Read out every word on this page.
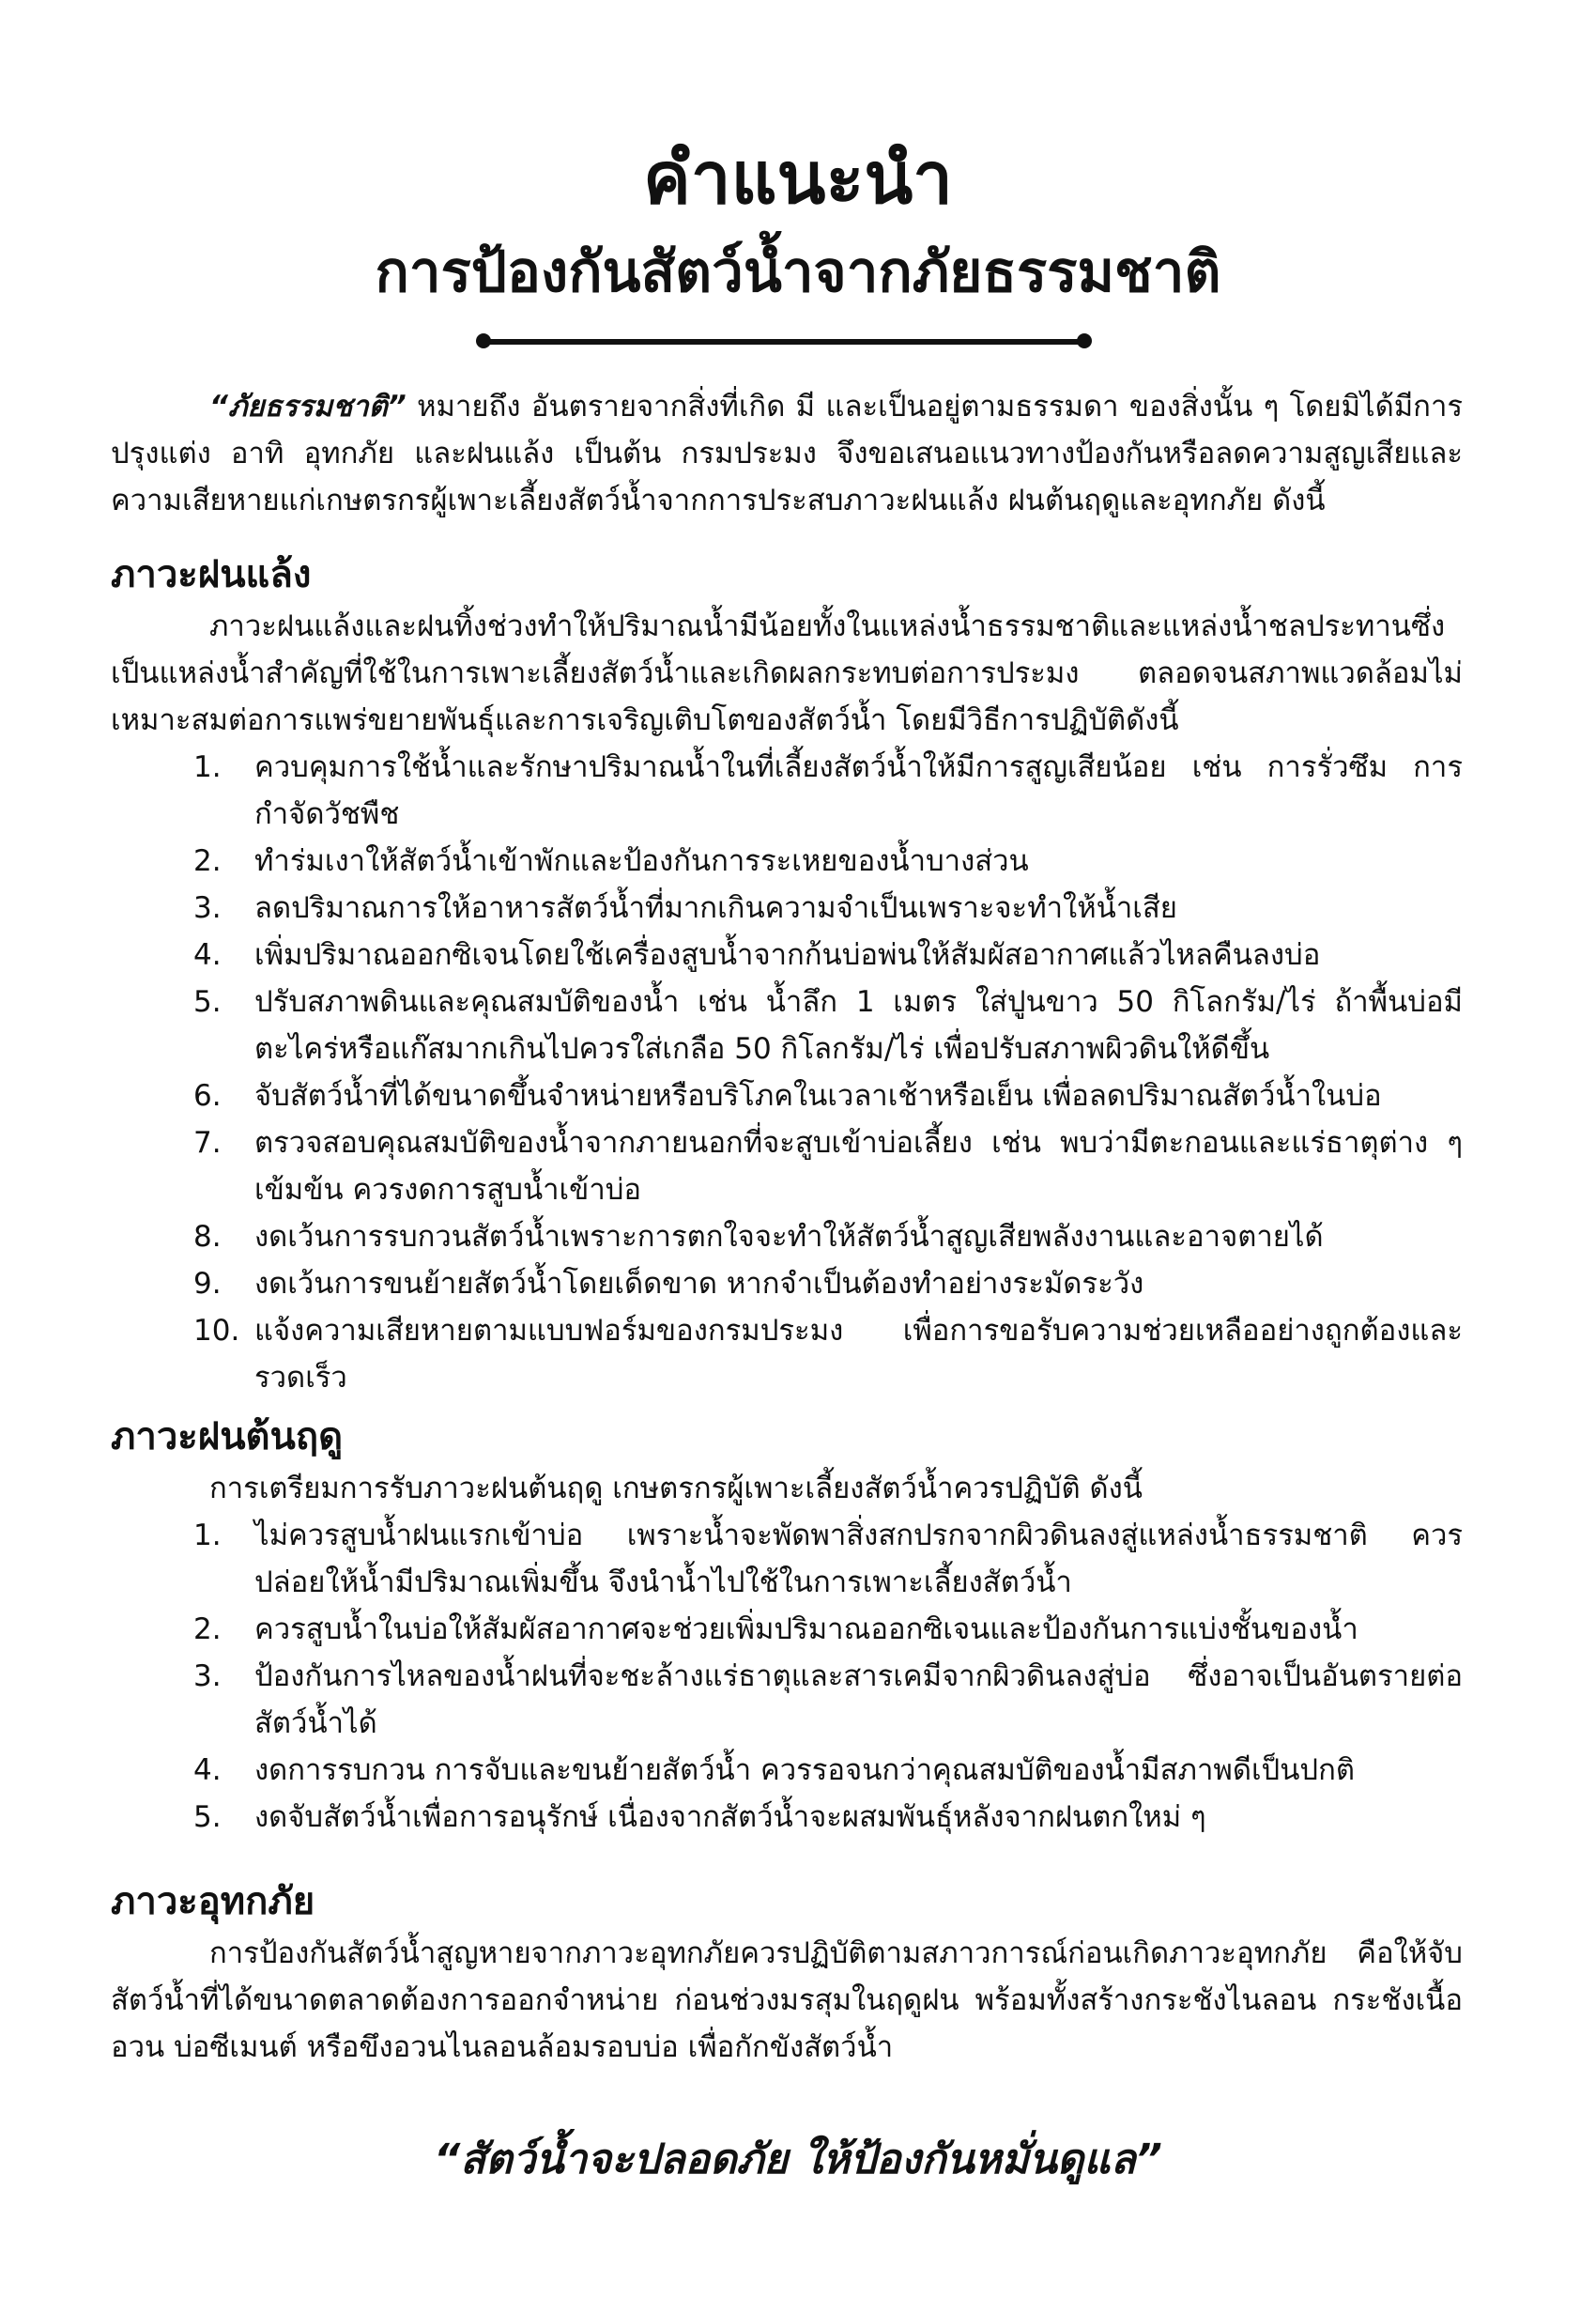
คำแนะนำ
การป้องกันสัตว์น้ำจากภัยธรรมชาติ

“ภัยธรรมชาติ” หมายถึง อันตรายจากสิ่งที่เกิด มี และเป็นอยู่ตามธรรมดา ของสิ่งนั้น ๆ โดยมิได้มีการปรุงแต่ง อาทิ อุทกภัย และฝนแล้ง เป็นต้น กรมประมง จึงขอเสนอแนวทางป้องกันหรือลดความสูญเสียและความเสียหายแก่เกษตรกรผู้เพาะเลี้ยงสัตว์น้ำจากการประสบภาวะฝนแล้ง ฝนต้นฤดูและอุทกภัย ดังนี้

ภาวะฝนแล้ง

ภาวะฝนแล้งและฝนทิ้งช่วงทำให้ปริมาณน้ำมีน้อยทั้งในแหล่งน้ำธรรมชาติและแหล่งน้ำชลประทานซึ่งเป็นแหล่งน้ำสำคัญที่ใช้ในการเพาะเลี้ยงสัตว์น้ำและเกิดผลกระทบต่อการประมง ตลอดจนสภาพแวดล้อมไม่เหมาะสมต่อการแพร่ขยายพันธุ์และการเจริญเติบโตของสัตว์น้ำ โดยมีวิธีการปฏิบัติดังนี้

1.	ควบคุมการใช้น้ำและรักษาปริมาณน้ำในที่เลี้ยงสัตว์น้ำให้มีการสูญเสียน้อย เช่น การรั่วซึม การกำจัดวัชพืช
2.	ทำร่มเงาให้สัตว์น้ำเข้าพักและป้องกันการระเหยของน้ำบางส่วน
3.	ลดปริมาณการให้อาหารสัตว์น้ำที่มากเกินความจำเป็นเพราะจะทำให้น้ำเสีย
4.	เพิ่มปริมาณออกซิเจนโดยใช้เครื่องสูบน้ำจากก้นบ่อพ่นให้สัมผัสอากาศแล้วไหลคืนลงบ่อ
5.	ปรับสภาพดินและคุณสมบัติของน้ำ เช่น น้ำลึก 1 เมตร ใส่ปูนขาว 50 กิโลกรัม/ไร่ ถ้าพื้นบ่อมีตะไคร่หรือแก๊สมากเกินไปควรใส่เกลือ 50 กิโลกรัม/ไร่ เพื่อปรับสภาพผิวดินให้ดีขึ้น
6.	จับสัตว์น้ำที่ได้ขนาดขึ้นจำหน่ายหรือบริโภคในเวลาเช้าหรือเย็น เพื่อลดปริมาณสัตว์น้ำในบ่อ
7.	ตรวจสอบคุณสมบัติของน้ำจากภายนอกที่จะสูบเข้าบ่อเลี้ยง เช่น พบว่ามีตะกอนและแร่ธาตุต่าง ๆ เข้มข้น ควรงดการสูบน้ำเข้าบ่อ
8.	งดเว้นการรบกวนสัตว์น้ำเพราะการตกใจจะทำให้สัตว์น้ำสูญเสียพลังงานและอาจตายได้
9.	งดเว้นการขนย้ายสัตว์น้ำโดยเด็ดขาด หากจำเป็นต้องทำอย่างระมัดระวัง
10. แจ้งความเสียหายตามแบบฟอร์มของกรมประมง เพื่อการขอรับความช่วยเหลืออย่างถูกต้องและรวดเร็ว

ภาวะฝนต้นฤดู

การเตรียมการรับภาวะฝนต้นฤดู เกษตรกรผู้เพาะเลี้ยงสัตว์น้ำควรปฏิบัติ ดังนี้

1.	ไม่ควรสูบน้ำฝนแรกเข้าบ่อ เพราะน้ำจะพัดพาสิ่งสกปรกจากผิวดินลงสู่แหล่งน้ำธรรมชาติ ควรปล่อยให้น้ำมีปริมาณเพิ่มขึ้น จึงนำน้ำไปใช้ในการเพาะเลี้ยงสัตว์น้ำ
2.	ควรสูบน้ำในบ่อให้สัมผัสอากาศจะช่วยเพิ่มปริมาณออกซิเจนและป้องกันการแบ่งชั้นของน้ำ
3.	ป้องกันการไหลของน้ำฝนที่จะชะล้างแร่ธาตุและสารเคมีจากผิวดินลงสู่บ่อ ซึ่งอาจเป็นอันตรายต่อสัตว์น้ำได้
4.	งดการรบกวน การจับและขนย้ายสัตว์น้ำ ควรรอจนกว่าคุณสมบัติของน้ำมีสภาพดีเป็นปกติ
5.	งดจับสัตว์น้ำเพื่อการอนุรักษ์ เนื่องจากสัตว์น้ำจะผสมพันธุ์หลังจากฝนตกใหม่ ๆ

ภาวะอุทกภัย

การป้องกันสัตว์น้ำสูญหายจากภาวะอุทกภัยควรปฏิบัติตามสภาวการณ์ก่อนเกิดภาวะอุทกภัย คือให้จับสัตว์น้ำที่ได้ขนาดตลาดต้องการออกจำหน่าย ก่อนช่วงมรสุมในฤดูฝน พร้อมทั้งสร้างกระชังไนลอน กระชังเนื้ออวน บ่อซีเมนต์ หรือขึงอวนไนลอนล้อมรอบบ่อ เพื่อกักขังสัตว์น้ำ

“สัตว์น้ำจะปลอดภัย ให้ป้องกันหมั่นดูแล”
